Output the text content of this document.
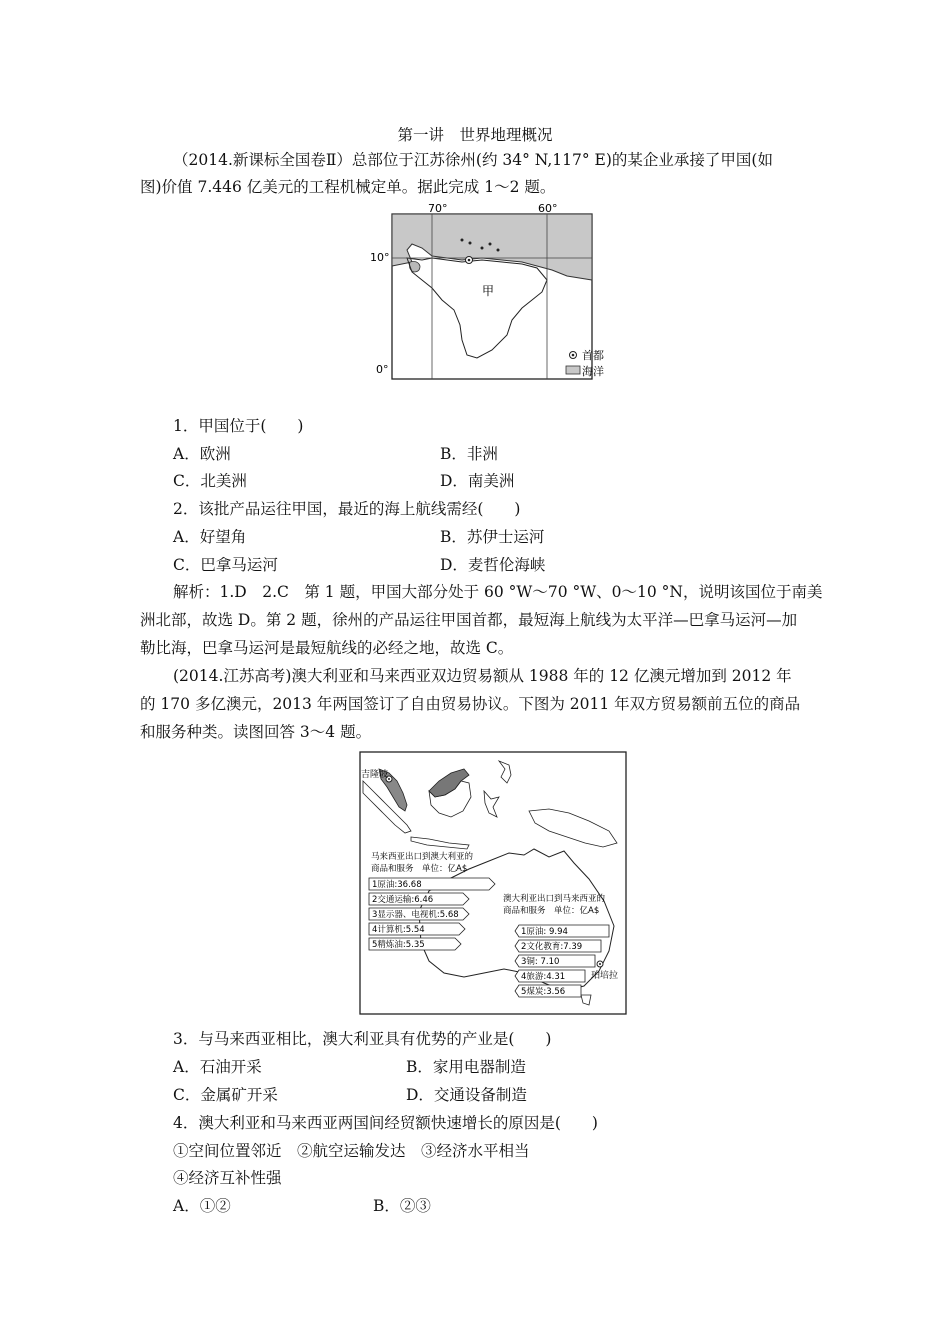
第一讲　世界地理概况
（2014.新课标全国卷Ⅱ）总部位于江苏徐州(约 34° N,117° E)的某企业承接了甲国(如
图)价值 7.446 亿美元的工程机械定单。据此完成 1～2 题。
70°	60°
10°
0°
甲
首都
海洋
1．甲国位于(　　)
A．欧洲	B．非洲
C．北美洲	D．南美洲
2．该批产品运往甲国，最近的海上航线需经(　　)
A．好望角	B．苏伊士运河
C．巴拿马运河	D．麦哲伦海峡
解析：1.D　2.C　第 1 题，甲国大部分处于 60 °W～70 °W、0～10 °N，说明该国位于南美
洲北部，故选 D。第 2 题，徐州的产品运往甲国首都，最短海上航线为太平洋—巴拿马运河—加
勒比海，巴拿马运河是最短航线的必经之地，故选 C。
(2014.江苏高考)澳大利亚和马来西亚双边贸易额从 1988 年的 12 亿澳元增加到 2012 年
的 170 多亿澳元，2013 年两国签订了自由贸易协议。下图为 2011 年双方贸易额前五位的商品
和服务种类。读图回答 3～4 题。
吉隆坡
珀培拉
马来西亚出口到澳大利亚的
商品和服务　单位：亿A$
1原油:36.68
2交通运输:6.46
3显示器、电视机:5.68
4计算机:5.54
5精炼油:5.35
澳大利亚出口到马来西亚的
商品和服务　单位：亿A$
1原油: 9.94
2文化教育:7.39
3铜: 7.10
4旅游:4.31
5煤炭:3.56
3．与马来西亚相比，澳大利亚具有优势的产业是(　　)
A．石油开采	B．家用电器制造
C．金属矿开采	D．交通设备制造
4．澳大利亚和马来西亚两国间经贸额快速增长的原因是(　　)
①空间位置邻近　②航空运输发达　③经济水平相当
④经济互补性强
A．①②	B．②③
